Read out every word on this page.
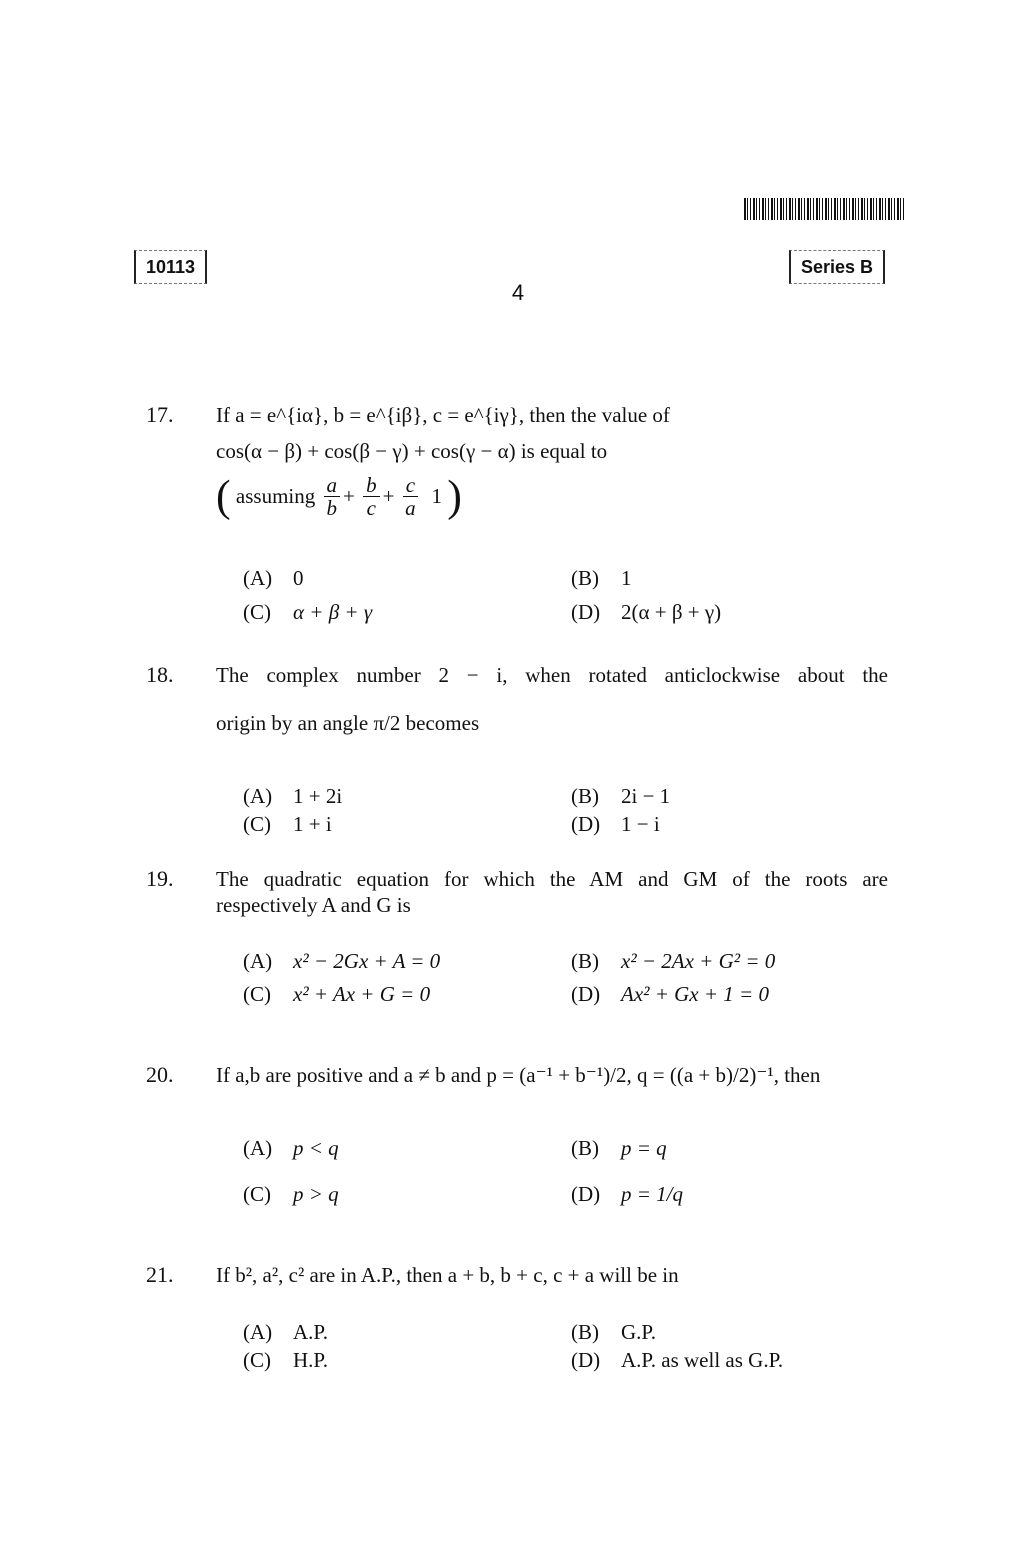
10113	Series B
4
17. If a = e^{iα}, b = e^{iβ}, c = e^{iγ}, then the value of
cos(α − β) + cos(β − γ) + cos(γ − α) is equal to
( assuming $\frac{a}{b} + \frac{b}{c} + \frac{c}{a} 1$ )
(A) 0	(B) 1
(C) α + β + γ	(D) 2(α + β + γ)
18. The complex number 2 − i, when rotated anticlockwise about the
origin by an angle π/2 becomes
(A) 1 + 2i	(B) 2i − 1
(C) 1 + i	(D) 1 − i
19. The quadratic equation for which the AM and GM of the roots are
respectively A and G is
(A) x² − 2Gx + A = 0	(B) x² − 2Ax + G² = 0
(C) x² + Ax + G = 0	(D) Ax² + Gx + 1 = 0
20. If a,b are positive and a ≠ b and p = (a⁻¹ + b⁻¹)/2, q = ((a + b)/2)⁻¹, then
(A) p < q	(B) p = q
(C) p > q	(D) p = 1/q
21. If b², a², c² are in A.P., then a + b, b + c, c + a will be in
(A) A.P.	(B) G.P.
(C) H.P.	(D) A.P. as well as G.P.
